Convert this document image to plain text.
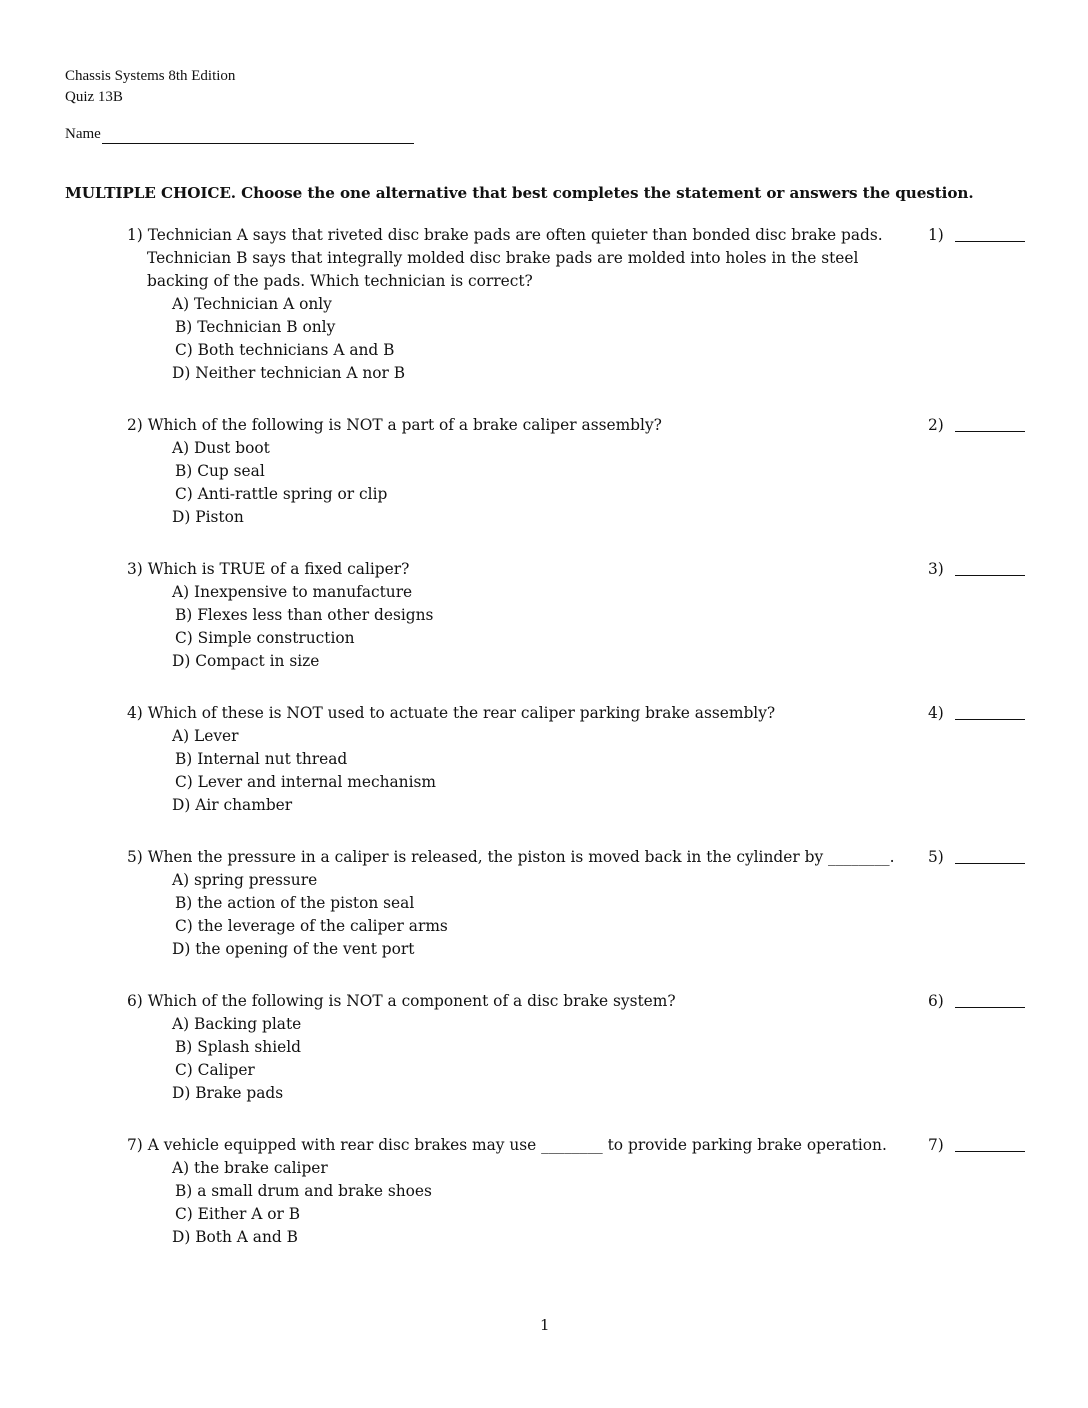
Chassis Systems 8th Edition
Quiz 13B
Name
MULTIPLE CHOICE. Choose the one alternative that best completes the statement or answers the question.
1) Technician A says that riveted disc brake pads are often quieter than bonded disc brake pads.
Technician B says that integrally molded disc brake pads are molded into holes in the steel
backing of the pads. Which technician is correct?
A) Technician A only
B) Technician B only
C) Both technicians A and B
D) Neither technician A nor B
1)
2) Which of the following is NOT a part of a brake caliper assembly?
A) Dust boot
B) Cup seal
C) Anti-rattle spring or clip
D) Piston
2)
3) Which is TRUE of a fixed caliper?
A) Inexpensive to manufacture
B) Flexes less than other designs
C) Simple construction
D) Compact in size
3)
4) Which of these is NOT used to actuate the rear caliper parking brake assembly?
A) Lever
B) Internal nut thread
C) Lever and internal mechanism
D) Air chamber
4)
5) When the pressure in a caliper is released, the piston is moved back in the cylinder by ________.
A) spring pressure
B) the action of the piston seal
C) the leverage of the caliper arms
D) the opening of the vent port
5)
6) Which of the following is NOT a component of a disc brake system?
A) Backing plate
B) Splash shield
C) Caliper
D) Brake pads
6)
7) A vehicle equipped with rear disc brakes may use ________ to provide parking brake operation.
A) the brake caliper
B) a small drum and brake shoes
C) Either A or B
D) Both A and B
7)
1
